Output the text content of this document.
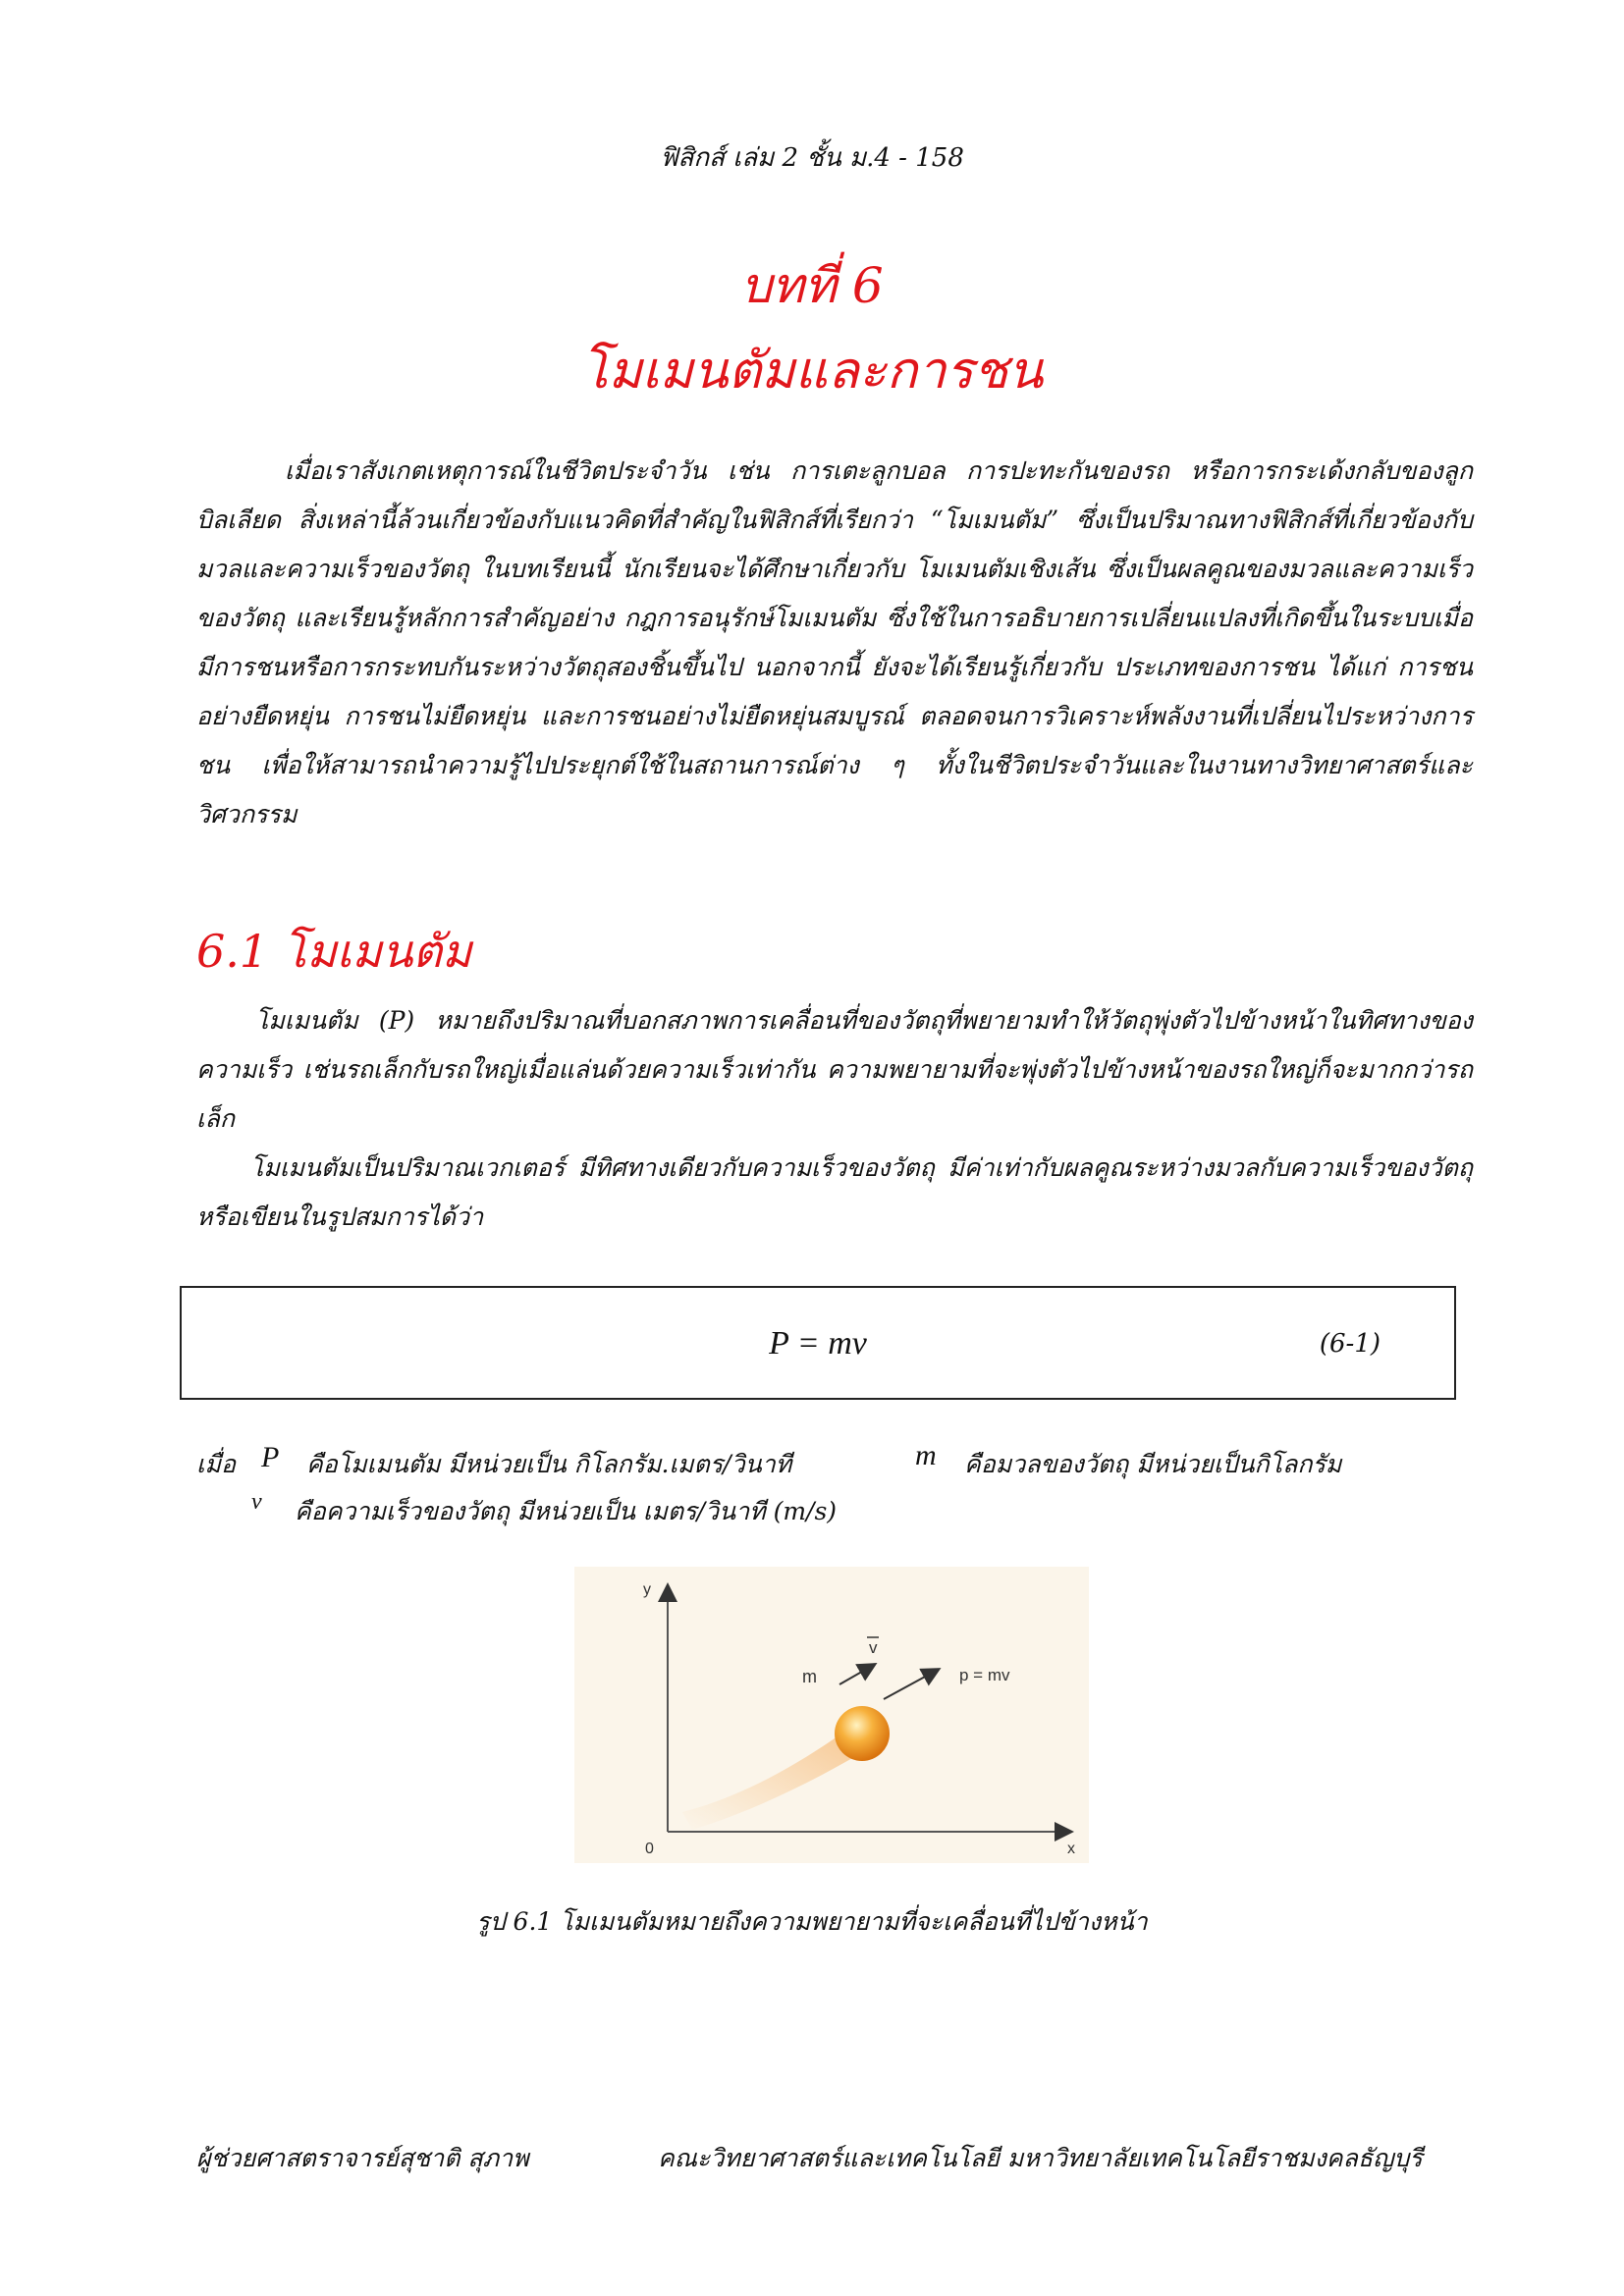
ฟิสิกส์ เล่ม 2 ชั้น ม.4 - 158
บทที่ 6
โมเมนตัมและการชน

เมื่อเราสังเกตเหตุการณ์ในชีวิตประจำวัน เช่น การเตะลูกบอล การปะทะกันของรถ หรือการกระเด้งกลับของลูกบิลเลียด สิ่งเหล่านี้ล้วนเกี่ยวข้องกับแนวคิดที่สำคัญในฟิสิกส์ที่เรียกว่า “โมเมนตัม” ซึ่งเป็นปริมาณทางฟิสิกส์ที่เกี่ยวข้องกับมวลและความเร็วของวัตถุ ในบทเรียนนี้ นักเรียนจะได้ศึกษาเกี่ยวกับ โมเมนตัมเชิงเส้น ซึ่งเป็นผลคูณของมวลและความเร็วของวัตถุ และเรียนรู้หลักการสำคัญอย่าง กฎการอนุรักษ์โมเมนตัม ซึ่งใช้ในการอธิบายการเปลี่ยนแปลงที่เกิดขึ้นในระบบเมื่อมีการชนหรือการกระทบกันระหว่างวัตถุสองชิ้นขึ้นไป นอกจากนี้ ยังจะได้เรียนรู้เกี่ยวกับ ประเภทของการชน ได้แก่ การชนอย่างยืดหยุ่น การชนไม่ยืดหยุ่น และการชนอย่างไม่ยืดหยุ่นสมบูรณ์ ตลอดจนการวิเคราะห์พลังงานที่เปลี่ยนไประหว่างการชน เพื่อให้สามารถนำความรู้ไปประยุกต์ใช้ในสถานการณ์ต่าง ๆ ทั้งในชีวิตประจำวันและในงานทางวิทยาศาสตร์และวิศวกรรม

6.1 โมเมนตัม

โมเมนตัม (P) หมายถึงปริมาณที่บอกสภาพการเคลื่อนที่ของวัตถุที่พยายามทำให้วัตถุพุ่งตัวไปข้างหน้าในทิศทางของความเร็ว เช่นรถเล็กกับรถใหญ่เมื่อแล่นด้วยความเร็วเท่ากัน ความพยายามที่จะพุ่งตัวไปข้างหน้าของรถใหญ่ก็จะมากกว่ารถเล็ก

โมเมนตัมเป็นปริมาณเวกเตอร์ มีทิศทางเดียวกับความเร็วของวัตถุ มีค่าเท่ากับผลคูณระหว่างมวลกับความเร็วของวัตถุ หรือเขียนในรูปสมการได้ว่า

P = mv	(6-1)
เมื่อ P คือโมเมนตัม มีหน่วยเป็น กิโลกรัม.เมตร/วินาที	m คือมวลของวัตถุ มีหน่วยเป็นกิโลกรัม
v คือความเร็วของวัตถุ มีหน่วยเป็น เมตร/วินาที (m/s)
y
x
0
m
v
p = mv
รูป 6.1 โมเมนตัมหมายถึงความพยายามที่จะเคลื่อนที่ไปข้างหน้า
ผู้ช่วยศาสตราจารย์สุชาติ สุภาพ	คณะวิทยาศาสตร์และเทคโนโลยี มหาวิทยาลัยเทคโนโลยีราชมงคลธัญบุรี
